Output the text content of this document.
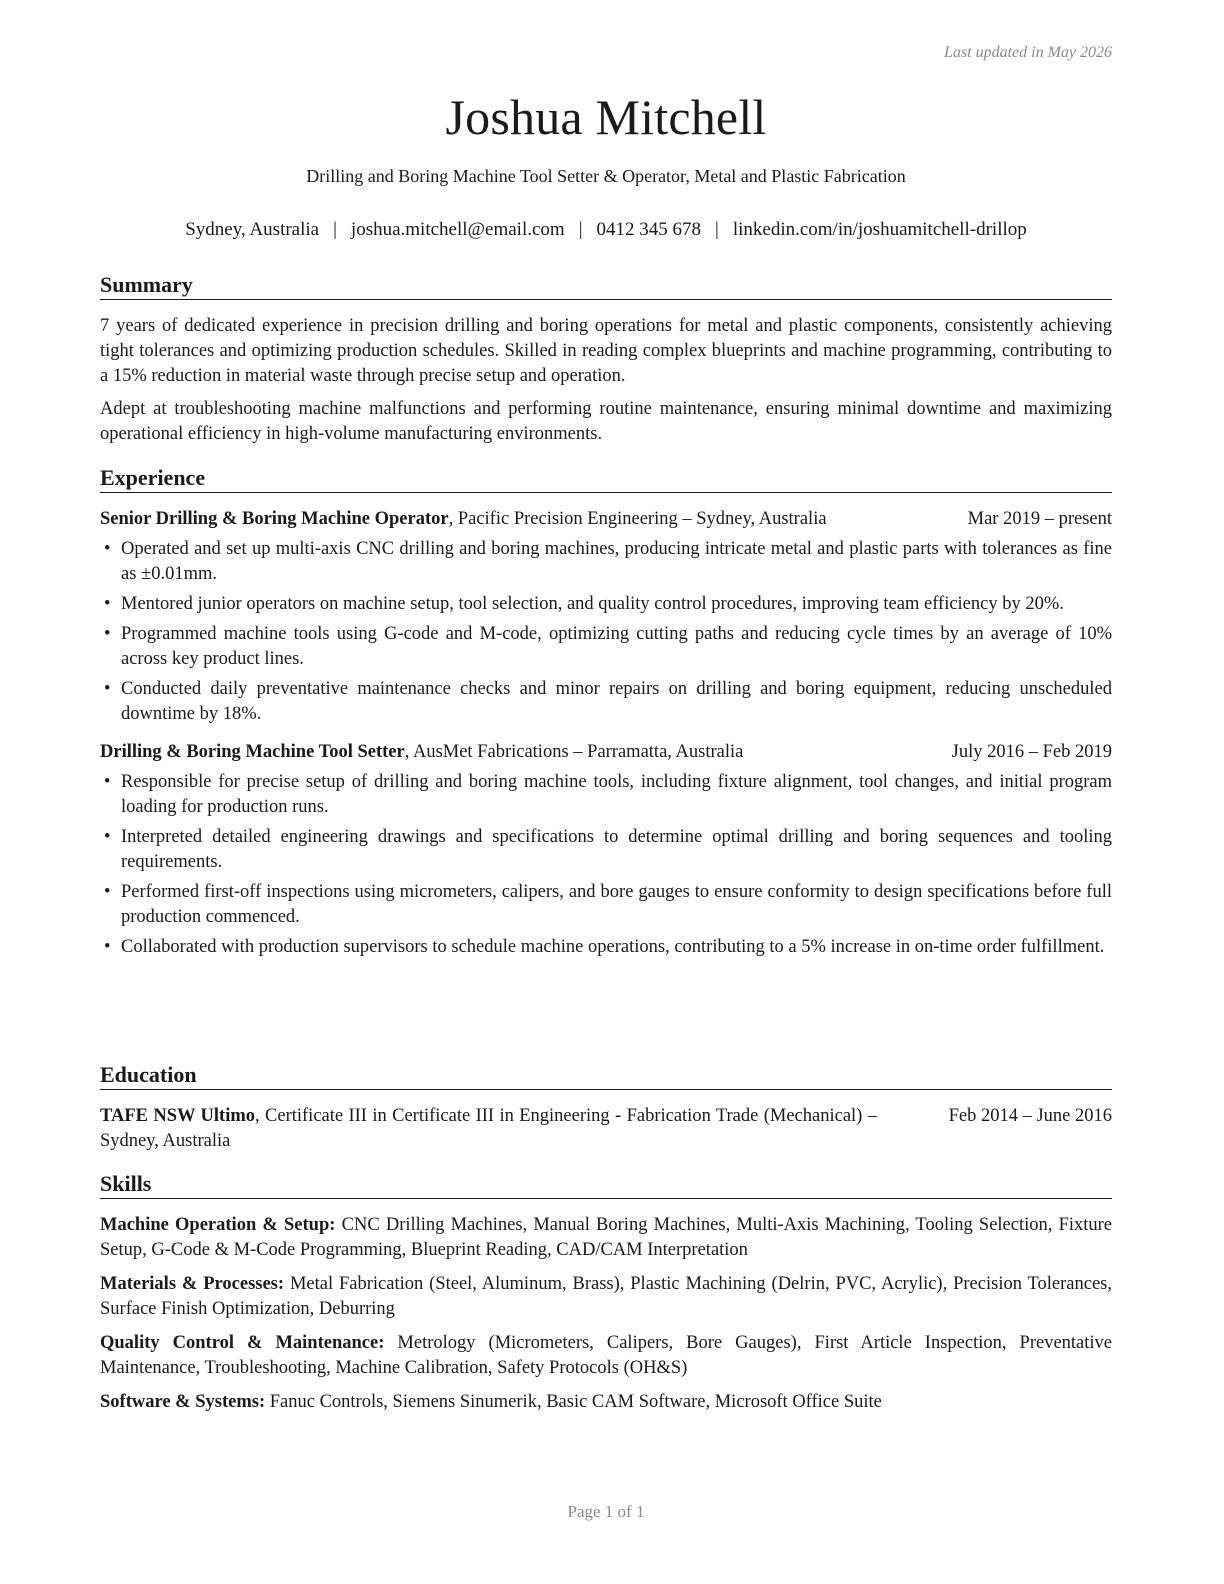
Last updated in May 2026
Joshua Mitchell
Drilling and Boring Machine Tool Setter & Operator, Metal and Plastic Fabrication
Sydney, Australia | joshua.mitchell@email.com | 0412 345 678 | linkedin.com/in/joshuamitchell-drillop
Summary

7 years of dedicated experience in precision drilling and boring operations for metal and plastic components, consistently achieving tight tolerances and optimizing production schedules. Skilled in reading complex blueprints and machine programming, contributing to a 15% reduction in material waste through precise setup and operation.

Adept at troubleshooting machine malfunctions and performing routine maintenance, ensuring minimal downtime and maximizing operational efficiency in high-volume manufacturing environments.

Experience
Senior Drilling & Boring Machine Operator, Pacific Precision Engineering – Sydney, Australia	Mar 2019 – present
• Operated and set up multi-axis CNC drilling and boring machines, producing intricate metal and plastic parts with tolerances as fine as ±0.01mm.
• Mentored junior operators on machine setup, tool selection, and quality control procedures, improving team efficiency by 20%.
• Programmed machine tools using G-code and M-code, optimizing cutting paths and reducing cycle times by an average of 10% across key product lines.
• Conducted daily preventative maintenance checks and minor repairs on drilling and boring equipment, reducing unscheduled downtime by 18%.
Drilling & Boring Machine Tool Setter, AusMet Fabrications – Parramatta, Australia	July 2016 – Feb 2019
• Responsible for precise setup of drilling and boring machine tools, including fixture alignment, tool changes, and initial program loading for production runs.
• Interpreted detailed engineering drawings and specifications to determine optimal drilling and boring sequences and tooling requirements.
• Performed first-off inspections using micrometers, calipers, and bore gauges to ensure conformity to design specifications before full production commenced.
• Collaborated with production supervisors to schedule machine operations, contributing to a 5% increase in on-time order fulfillment.
Education
TAFE NSW Ultimo, Certificate III in Certificate III in Engineering - Fabrication Trade (Mechanical) – Sydney, Australia
Feb 2014 – June 2016
Skills
Machine Operation & Setup: CNC Drilling Machines, Manual Boring Machines, Multi-Axis Machining, Tooling Selection, Fixture Setup, G-Code & M-Code Programming, Blueprint Reading, CAD/CAM Interpretation
Materials & Processes: Metal Fabrication (Steel, Aluminum, Brass), Plastic Machining (Delrin, PVC, Acrylic), Precision Tolerances, Surface Finish Optimization, Deburring
Quality Control & Maintenance: Metrology (Micrometers, Calipers, Bore Gauges), First Article Inspection, Preventative Maintenance, Troubleshooting, Machine Calibration, Safety Protocols (OH&S)
Software & Systems: Fanuc Controls, Siemens Sinumerik, Basic CAM Software, Microsoft Office Suite
Page 1 of 1
